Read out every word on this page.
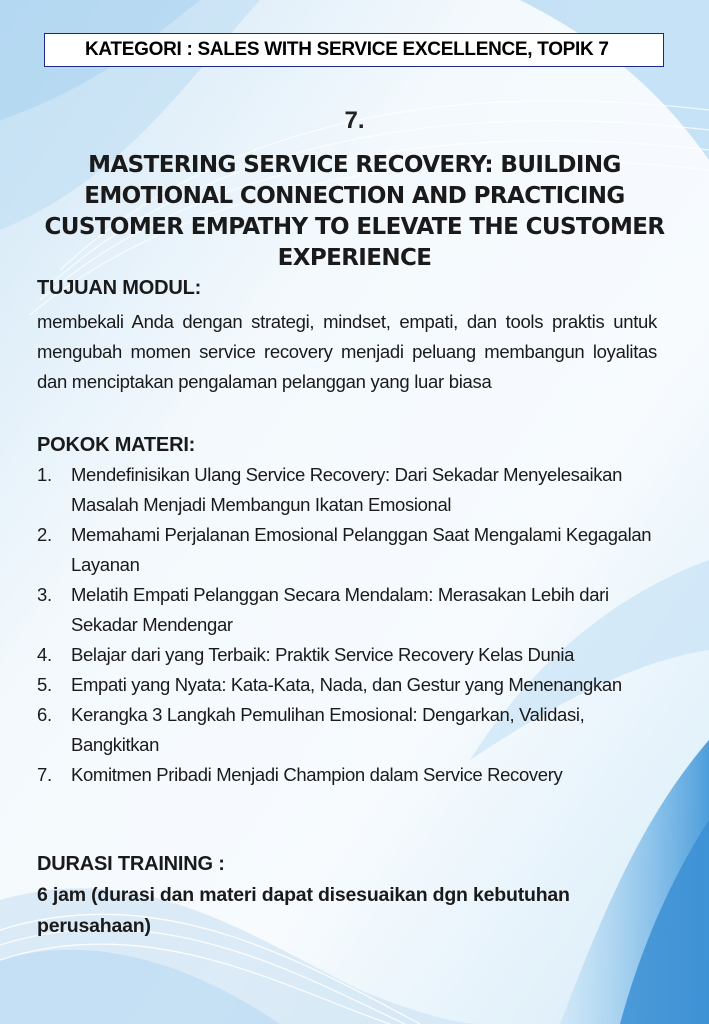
KATEGORI : SALES WITH SERVICE EXCELLENCE, TOPIK 7
7.
MASTERING SERVICE RECOVERY: BUILDING EMOTIONAL CONNECTION AND PRACTICING CUSTOMER EMPATHY TO ELEVATE THE CUSTOMER EXPERIENCE
TUJUAN MODUL:

membekali Anda dengan strategi, mindset, empati, dan tools praktis untuk mengubah momen service recovery menjadi peluang membangun loyalitas dan menciptakan pengalaman pelanggan yang luar biasa

POKOK MATERI:
1.	Mendefinisikan Ulang Service Recovery: Dari Sekadar Menyelesaikan Masalah Menjadi Membangun Ikatan Emosional
2.	Memahami Perjalanan Emosional Pelanggan Saat Mengalami Kegagalan Layanan
3.	Melatih Empati Pelanggan Secara Mendalam: Merasakan Lebih dari Sekadar Mendengar
4.	Belajar dari yang Terbaik: Praktik Service Recovery Kelas Dunia
5.	Empati yang Nyata: Kata-Kata, Nada, dan Gestur yang Menenangkan
6.	Kerangka 3 Langkah Pemulihan Emosional: Dengarkan, Validasi, Bangkitkan
7.	Komitmen Pribadi Menjadi Champion dalam Service Recovery
DURASI TRAINING :

6 jam (durasi dan materi dapat disesuaikan dgn kebutuhan perusahaan)
